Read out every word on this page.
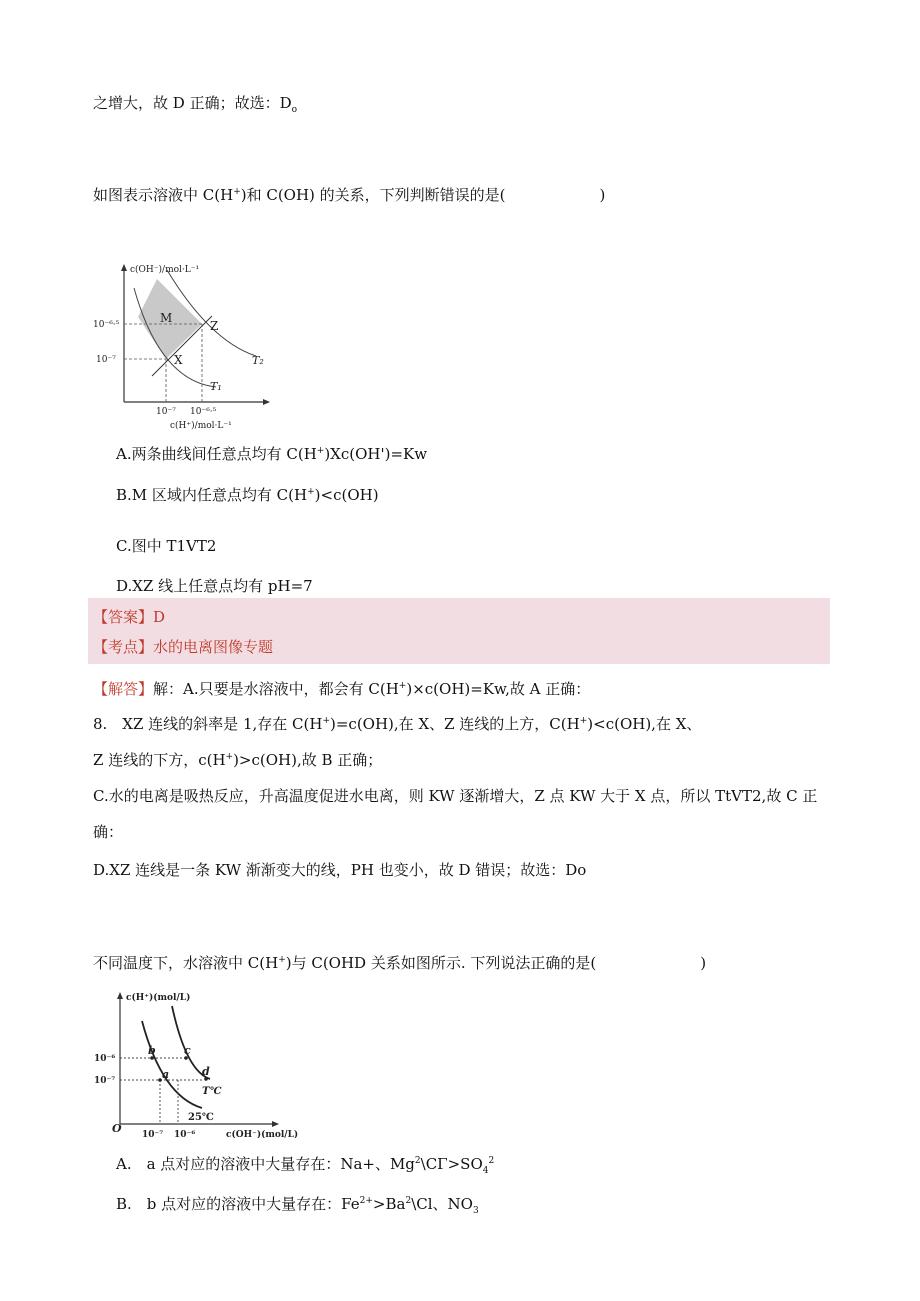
之增大，故 D 正确；故选：$D_o$
如图表示溶液中 C(H+)和 C(OH) 的关系，下列判断错误的是(	)
c(OH⁻)/mol·L⁻¹
10⁻⁶·⁵
10⁻⁷
10⁻⁷ 10⁻⁶·⁵
c(H⁺)/mol·L⁻¹
M
Z
X	T₂
T₁
A.两条曲线间任意点均有 C(H+)Xc(OH')=Kw
B.M 区域内任意点均有 C(H+)<c(OH)
C.图中 T1VT2
D.XZ 线上任意点均有 pH=7
【答案】D
【考点】水的电离图像专题
【解答】解：A.只要是水溶液中，都会有 C(H+)×c(OH)=Kw,故 A 正确：
8.　XZ 连线的斜率是 1,存在 C(H+)=c(OH),在 X、Z 连线的上方，C(H+)<c(OH),在 X、
Z 连线的下方，c(H+)>c(OH),故 B 正确；
C.水的电离是吸热反应，升高温度促进水电离，则 KW 逐渐增大，Z 点 KW 大于 X 点，所以 TtVT2,故 C 正
确：
D.XZ 连线是一条 KW 渐渐变大的线，PH 也变小，故 D 错误；故选：Do
不同温度下，水溶液中 C(H+)与 C(OHD 关系如图所示. 下列说法正确的是(	)
c(H⁺)(mol/L)
10⁻⁶
10⁻⁷
O 10⁻⁷ 10⁻⁶	c(OH⁻)(mol/L)
a
b	c
d
T℃
25℃
A.　a 点对应的溶液中大量存在：Na+、$Mg^2\backslash C\Gamma>SO_4^2$
B.　b 点对应的溶液中大量存在：$Fe^{2+}>Ba^2\backslash Cl$、$NO_3$
